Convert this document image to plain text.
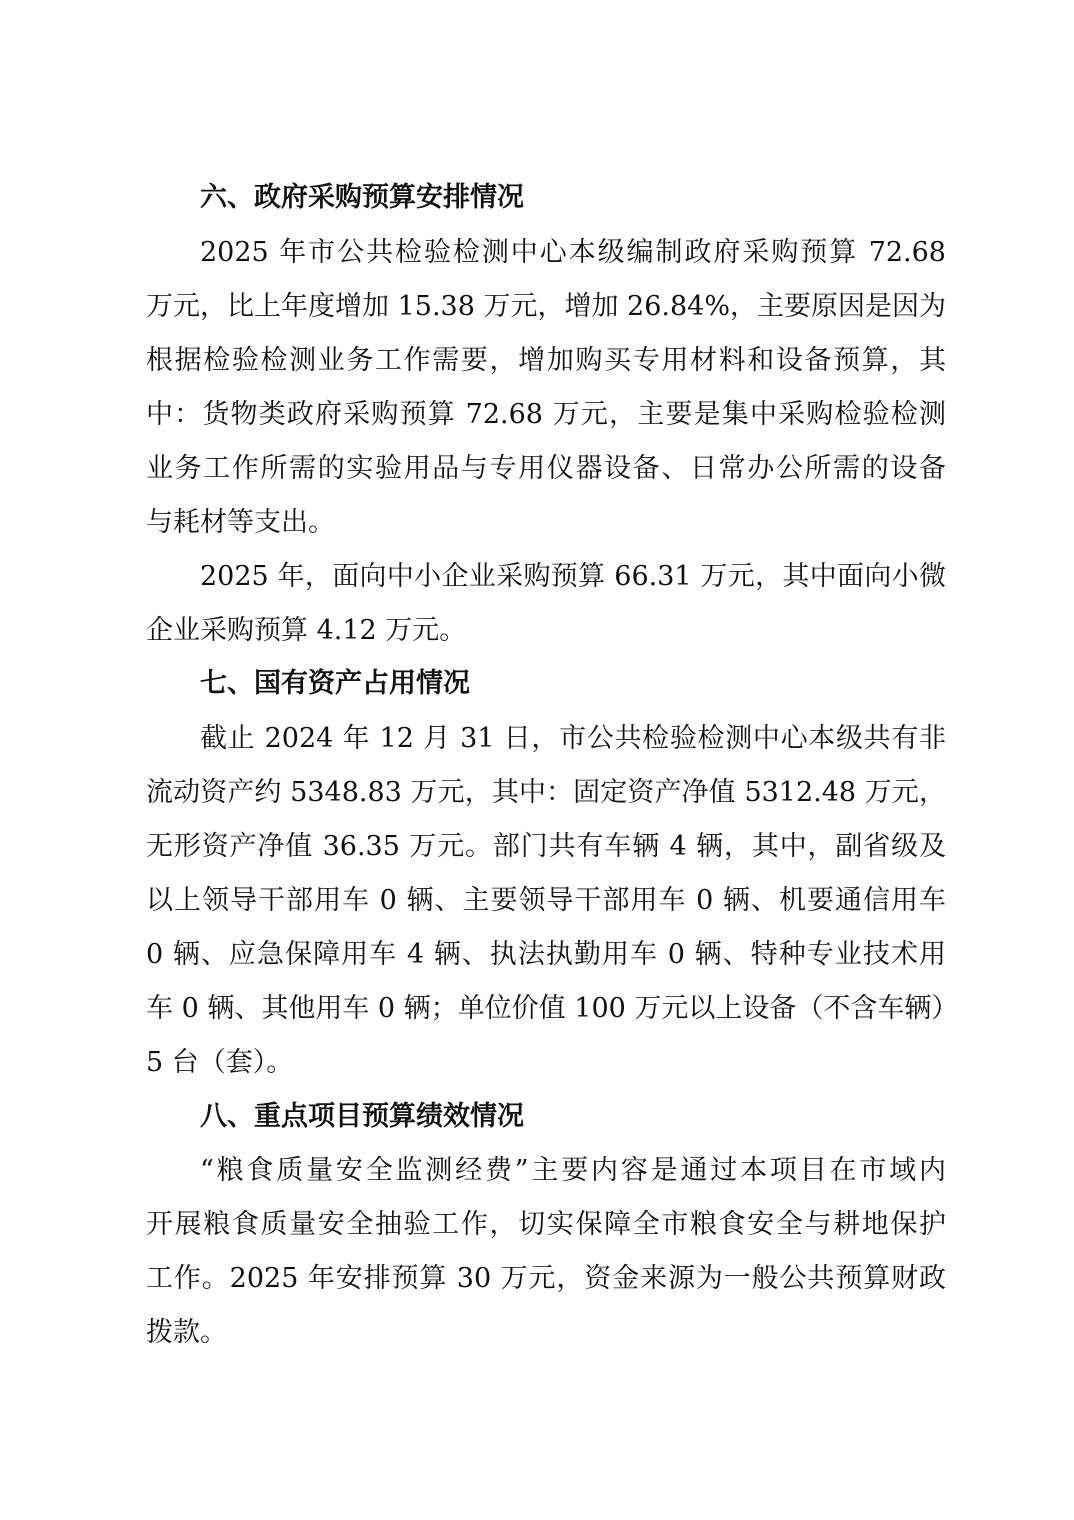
六、政府采购预算安排情况

2025 年市公共检验检测中心本级编制政府采购预算 72.68

万元，比上年度增加 15.38 万元，增加 26.84%，主要原因是因为

根据检验检测业务工作需要，增加购买专用材料和设备预算，其

中：货物类政府采购预算 72.68 万元，主要是集中采购检验检测

业务工作所需的实验用品与专用仪器设备、日常办公所需的设备

与耗材等支出。

2025 年，面向中小企业采购预算 66.31 万元，其中面向小微

企业采购预算 4.12 万元。

七、国有资产占用情况

截止 2024 年 12 月 31 日，市公共检验检测中心本级共有非

流动资产约 5348.83 万元，其中：固定资产净值 5312.48 万元，

无形资产净值 36.35 万元。部门共有车辆 4 辆，其中，副省级及

以上领导干部用车 0 辆、主要领导干部用车 0 辆、机要通信用车

0 辆、应急保障用车 4 辆、执法执勤用车 0 辆、特种专业技术用

车 0 辆、其他用车 0 辆；单位价值 100 万元以上设备（不含车辆）

5 台（套）。

八、重点项目预算绩效情况

“粮食质量安全监测经费”主要内容是通过本项目在市域内

开展粮食质量安全抽验工作，切实保障全市粮食安全与耕地保护

工作。2025 年安排预算 30 万元，资金来源为一般公共预算财政

拨款。
